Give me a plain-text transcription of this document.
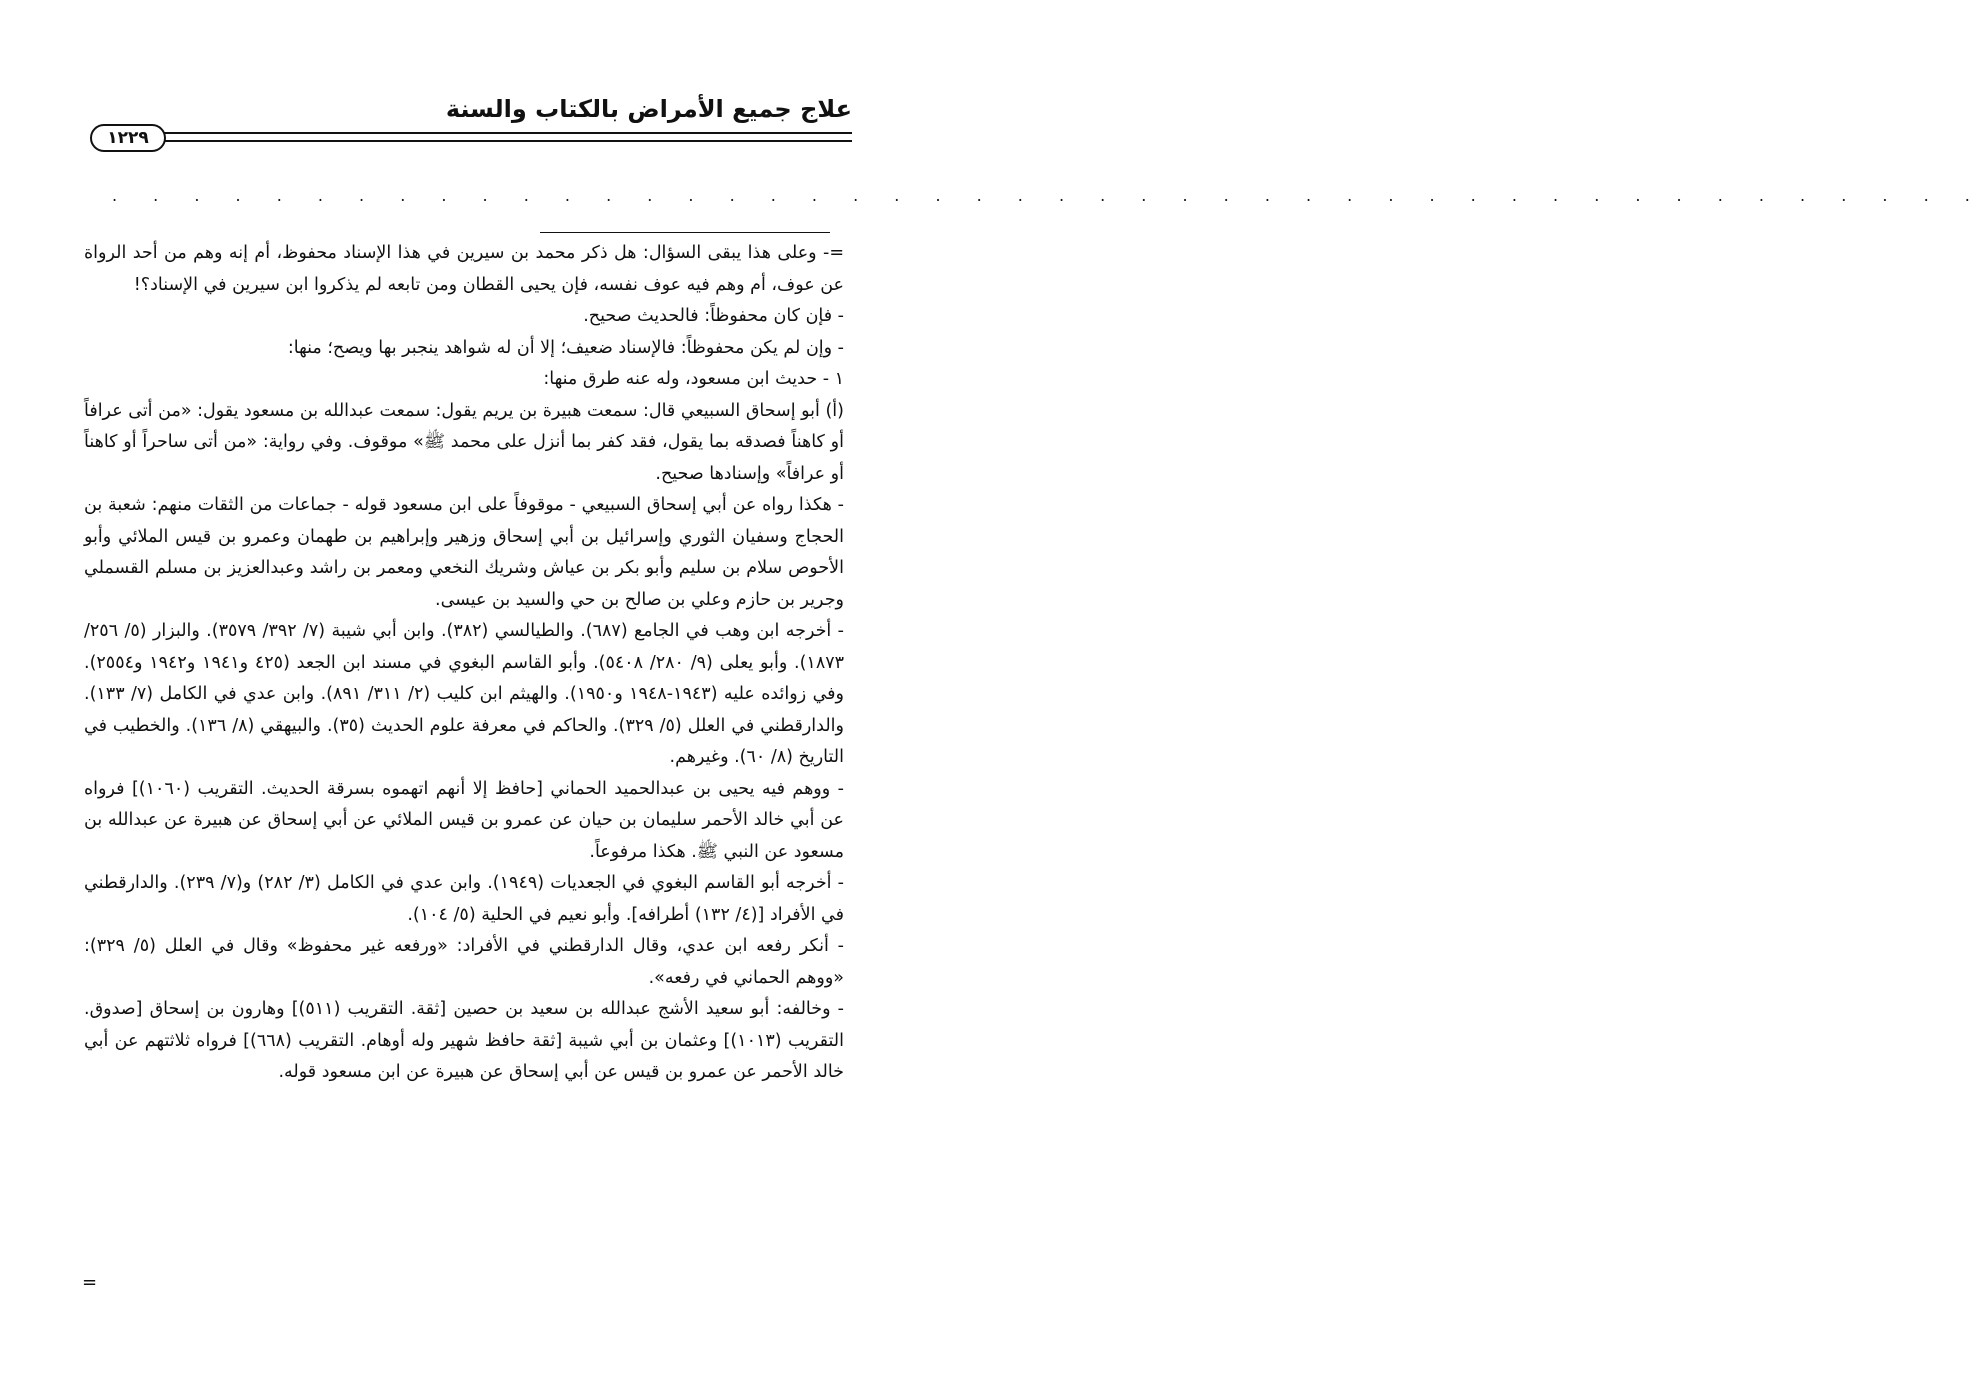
علاج جميع الأمراض بالكتاب والسنة
١٢٢٩
. . . . . . . . . . . . . . . . . . . . . . . . . . . . . . . . . . . . . . . . . . . . . .

=- وعلى هذا يبقى السؤال: هل ذكر محمد بن سيرين في هذا الإسناد محفوظ، أم إنه وهم من أحد الرواة عن عوف، أم وهم فيه عوف نفسه، فإن يحيى القطان ومن تابعه لم يذكروا ابن سيرين في الإسناد؟!

- فإن كان محفوظاً: فالحديث صحيح.

- وإن لم يكن محفوظاً: فالإسناد ضعيف؛ إلا أن له شواهد ينجبر بها ويصح؛ منها:

١ - حديث ابن مسعود، وله عنه طرق منها:

(أ) أبو إسحاق السبيعي قال: سمعت هبيرة بن يريم يقول: سمعت عبدالله بن مسعود يقول: «من أتى عرافاً أو كاهناً فصدقه بما يقول، فقد كفر بما أنزل على محمد ﷺ» موقوف. وفي رواية: «من أتى ساحراً أو كاهناً أو عرافاً» وإسنادها صحيح.

- هكذا رواه عن أبي إسحاق السبيعي - موقوفاً على ابن مسعود قوله - جماعات من الثقات منهم: شعبة بن الحجاج وسفيان الثوري وإسرائيل بن أبي إسحاق وزهير وإبراهيم بن طهمان وعمرو بن قيس الملائي وأبو الأحوص سلام بن سليم وأبو بكر بن عياش وشريك النخعي ومعمر بن راشد وعبدالعزيز بن مسلم القسملي وجرير بن حازم وعلي بن صالح بن حي والسيد بن عيسى.

- أخرجه ابن وهب في الجامع (٦٨٧). والطيالسي (٣٨٢). وابن أبي شيبة (٧/ ٣٩٢/ ٣٥٧٩). والبزار (٥/ ٢٥٦/ ١٨٧٣). وأبو يعلى (٩/ ٢٨٠/ ٥٤٠٨). وأبو القاسم البغوي في مسند ابن الجعد (٤٢٥ و١٩٤١ و١٩٤٢ و٢٥٥٤). وفي زوائده عليه (١٩٤٣-١٩٤٨ و١٩٥٠). والهيثم ابن كليب (٢/ ٣١١/ ٨٩١). وابن عدي في الكامل (٧/ ١٣٣). والدارقطني في العلل (٥/ ٣٢٩). والحاكم في معرفة علوم الحديث (٣٥). والبيهقي (٨/ ١٣٦). والخطيب في التاريخ (٨/ ٦٠). وغيرهم.

- ووهم فيه يحيى بن عبدالحميد الحماني [حافظ إلا أنهم اتهموه بسرقة الحديث. التقريب (١٠٦٠)] فرواه عن أبي خالد الأحمر سليمان بن حيان عن عمرو بن قيس الملائي عن أبي إسحاق عن هبيرة عن عبدالله بن مسعود عن النبي ﷺ. هكذا مرفوعاً.

- أخرجه أبو القاسم البغوي في الجعديات (١٩٤٩). وابن عدي في الكامل (٣/ ٢٨٢) و(٧/ ٢٣٩). والدارقطني في الأفراد [(٤/ ١٣٢) أطرافه]. وأبو نعيم في الحلية (٥/ ١٠٤).

- أنكر رفعه ابن عدي، وقال الدارقطني في الأفراد: «ورفعه غير محفوظ» وقال في العلل (٥/ ٣٢٩): «ووهم الحماني في رفعه».

- وخالفه: أبو سعيد الأشج عبدالله بن سعيد بن حصين [ثقة. التقريب (٥١١)] وهارون بن إسحاق [صدوق. التقريب (١٠١٣)] وعثمان بن أبي شيبة [ثقة حافظ شهير وله أوهام. التقريب (٦٦٨)] فرواه ثلاثتهم عن أبي خالد الأحمر عن عمرو بن قيس عن أبي إسحاق عن هبيرة عن ابن مسعود قوله.

=
